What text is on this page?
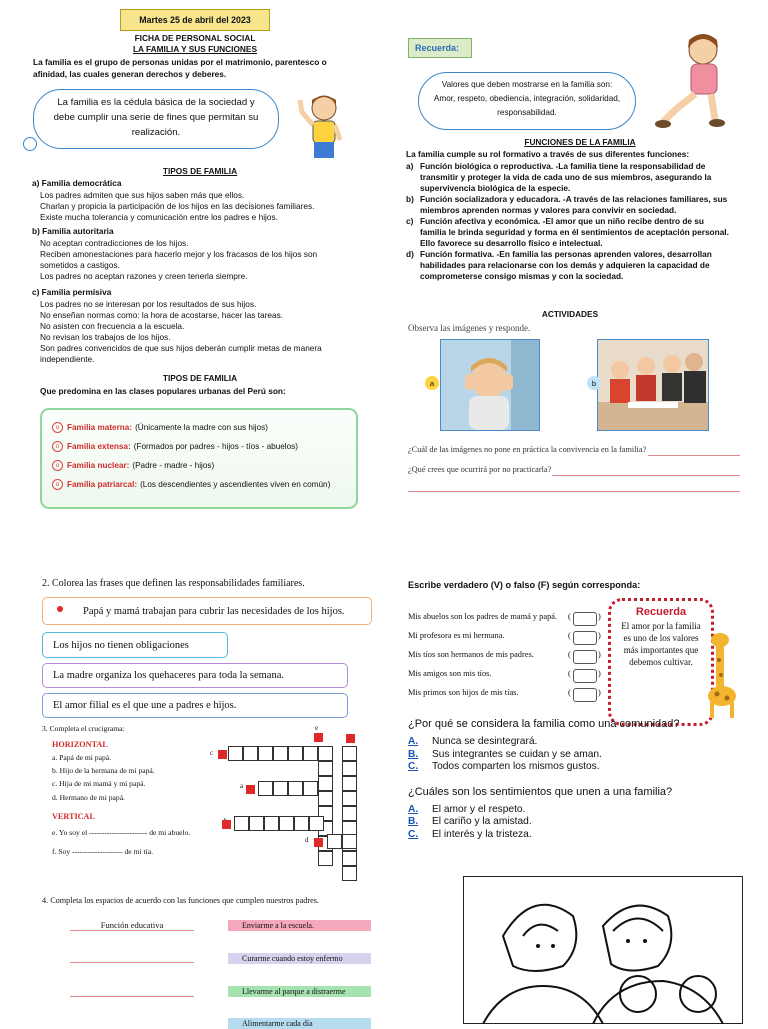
Martes 25 de abril del 2023
FICHA DE PERSONAL SOCIAL
LA FAMILIA Y SUS FUNCIONES
La familia es el grupo de personas unidas por el matrimonio, parentesco o
afinidad, las cuales generan derechos y deberes.
La familia es la cédula básica de la sociedad y debe cumplir una serie de fines que permitan su realización.
TIPOS DE FAMILIA
a) Familia democrática
Los padres admiten que sus hijos saben más que ellos.
Charlan y propicia la participación de los hijos en las decisiones familiares.
Existe mucha tolerancia y comunicación entre los padres e hijos.
b) Familia autoritaria
No aceptan contradicciones de los hijos.
Reciben amonestaciones para hacerlo mejor y los fracasos de los hijos son
sometidos a castigos.
Los padres no aceptan razones y creen tenerla siempre.
c) Familia permisiva
Los padres no se interesan por los resultados de sus hijos.
No enseñan normas como: la hora de acostarse, hacer las tareas.
No asisten con frecuencia a la escuela.
No revisan los trabajos de los hijos.
Son padres convencidos de que sus hijos deberán cumplir metas de manera
independiente.
TIPOS DE FAMILIA
Que predomina en las clases populares urbanas del Perú son:
o Familia materna: (Únicamente la madre con sus hijos)
o Familia extensa: (Formados por padres - hijos - tíos - abuelos)
o Familia nuclear: (Padre - madre - hijos)
o Familia patriarcal: (Los descendientes y ascendientes viven en común)
Recuerda:
Valores que deben mostrarse en la familia son: Amor, respeto, obediencia, integración, solidaridad, responsabilidad.
FUNCIONES DE LA FAMILIA
La familia cumple su rol formativo a través de sus diferentes funciones:
a) Función biológica o reproductiva. -La familia tiene la responsabilidad de
transmitir y proteger la vida de cada uno de sus miembros, asegurando la
supervivencia biológica de la especie.
b) Función socializadora y educadora. -A través de las relaciones familiares, sus
miembros aprenden normas y valores para convivir en sociedad.
c) Función afectiva y económica. -El amor que un niño recibe dentro de su
familia le brinda seguridad y forma en él sentimientos de aceptación personal.
Ello favorece su desarrollo físico e intelectual.
d) Función formativa. -En familia las personas aprenden valores, desarrollan
habilidades para relacionarse con los demás y adquieren la capacidad de
comprometerse consigo mismas y con la sociedad.
ACTIVIDADES
Observa las imágenes y responde.
a	b
¿Cuál de las imágenes no pone en práctica la convivencia en la familia?
¿Qué crees que ocurrirá por no practicarla?
2. Colorea las frases que definen las responsabilidades familiares.
Papá y mamá trabajan para cubrir las necesidades de los hijos.
Los hijos no tienen obligaciones
La madre organiza los quehaceres para toda la semana.
El amor filial es el que une a padres e hijos.
3. Completa el crucigrama:
HORIZONTAL
a. Papá de mi papá.
b. Hijo de la hermana de mi papá.
c. Hija de mi mamá y mi papá.
d. Hermano de mi papá.
VERTICAL
e. Yo soy el ----------------------- de mi abuelo.
f. Soy -------------------- de mi tía.
e
c
a
d
4. Completa los espacios de acuerdo con las funciones que cumplen nuestros padres.
Función educativa	Enviarme a la escuela.
Curarme cuando estoy enfermo
Llevarme al parque a distraerme
Alimentarme cada día
Escribe verdadero (V) o falso (F) según corresponda:
Mis abuelos son los padres de mamá y papá. (	)
Mi profesora es mi hermana.	(	)
Mis tíos son hermanos de mis padres.	(	)
Mis amigos son mis tíos.	(	)
Mis primos son hijos de mis tías.	(	)
Recuerda
El amor por la familia es uno de los valores más importantes que debemos cultivar.
¿Por qué se considera la familia como una comunidad?
A.	Nunca se desintegrará.
B.	Sus integrantes se cuidan y se aman.
C.	Todos comparten los mismos gustos.
¿Cuáles son los sentimientos que unen a una familia?
A.	El amor y el respeto.
B.	El cariño y la amistad.
C.	El interés y la tristeza.
